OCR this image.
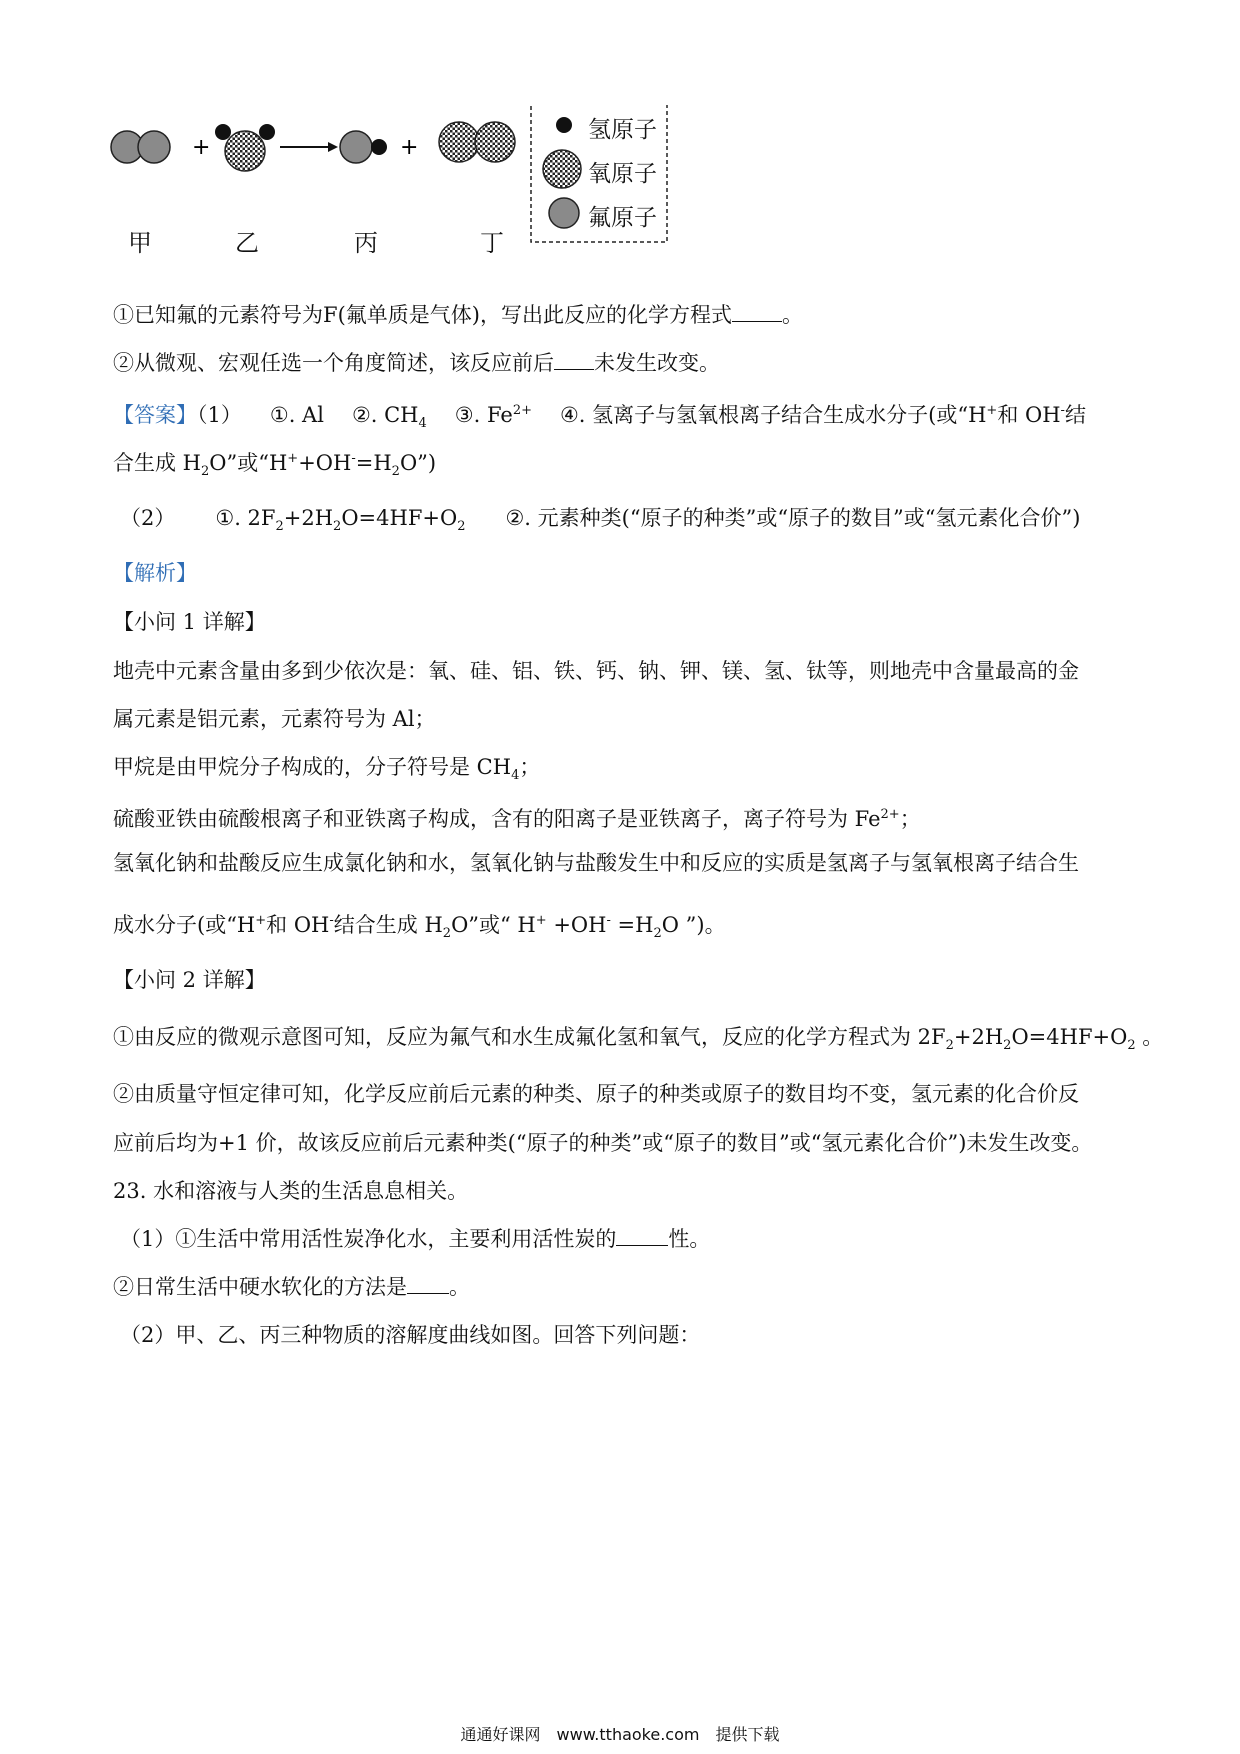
+	+
甲	乙	丙	丁
氢原子
氧原子
氟原子
①已知氟的元素符号为F(氟单质是气体)，写出此反应的化学方程式 。
②从微观、宏观任选一个角度简述，该反应前后 未发生改变。
【答案】（1） ①. Al ②. $CH_4$ ③. $Fe^{2+}$ ④. 氢离子与氢氧根离子结合生成水分子(或“H+和 OH-结
合生成 $H_2O$”或“$H^++OH^-=H_2O$”)
（2） ①. $2F_2+2H_2O=4HF+O_2$ ②. 元素种类(“原子的种类”或“原子的数目”或“氢元素化合价”)
【解析】
【小问 1 详解】
地壳中元素含量由多到少依次是：氧、硅、铝、铁、钙、钠、钾、镁、氢、钛等，则地壳中含量最高的金
属元素是铝元素，元素符号为 Al；
甲烷是由甲烷分子构成的，分子符号是 $CH_4$；
硫酸亚铁由硫酸根离子和亚铁离子构成，含有的阳离子是亚铁离子，离子符号为 $Fe^{2+}$；
氢氧化钠和盐酸反应生成氯化钠和水，氢氧化钠与盐酸发生中和反应的实质是氢离子与氢氧根离子结合生
成水分子(或“H+和 OH-结合生成 $H_2O$”或“ $H^+ +OH^- =H_2O$ ”)。
【小问 2 详解】
①由反应的微观示意图可知，反应为氟气和水生成氟化氢和氧气，反应的化学方程式为 $2F_2+2H_2O=4HF+O_2$ 。
②由质量守恒定律可知，化学反应前后元素的种类、原子的种类或原子的数目均不变，氢元素的化合价反
应前后均为+1 价，故该反应前后元素种类(“原子的种类”或“原子的数目”或“氢元素化合价”)未发生改变。
23. 水和溶液与人类的生活息息相关。
（1）①生活中常用活性炭净化水，主要利用活性炭的 性。
②日常生活中硬水软化的方法是 。
（2）甲、乙、丙三种物质的溶解度曲线如图。回答下列问题：
通通好课网　www.tthaoke.com　提供下载
